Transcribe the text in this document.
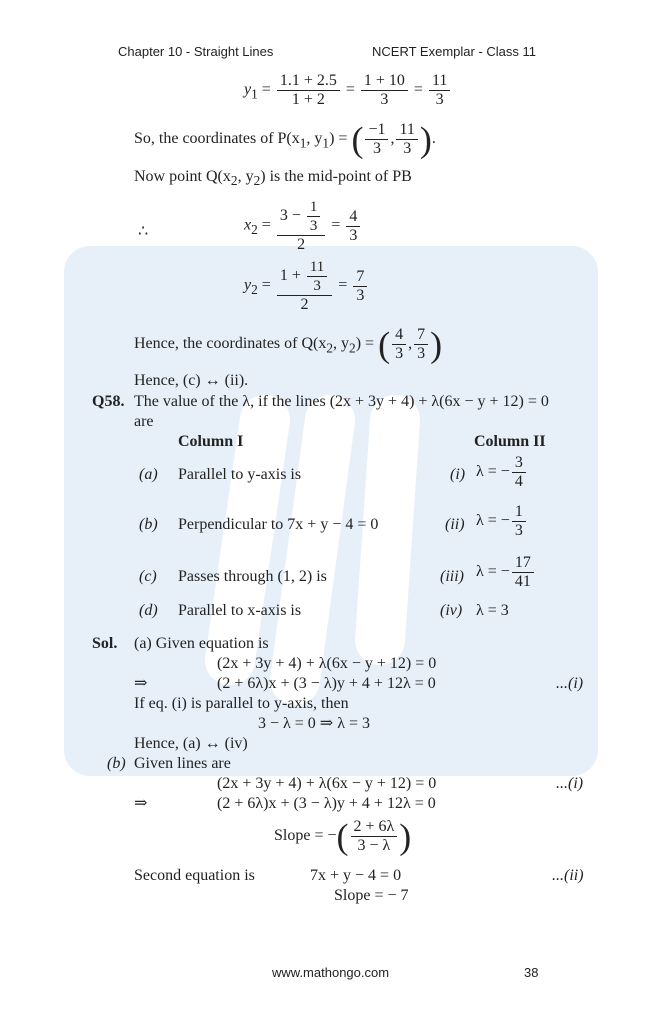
Chapter 10 - Straight Lines	NCERT Exemplar - Class 11
$y_1 = \frac{1.1 + 2.5}{1 + 2} = \frac{1 + 10}{3} = \frac{11}{3}$
So, the coordinates of $P(x_1$, $y_1$) = ( $\frac{-1}{3}$ , $\frac{11}{3}$ ).
Now point $Q(x_2$, $y_2$) is the mid-point of PB
∴	$x_2 = \frac{3 - \frac{1}{3}}{2} = \frac{4}{3}$
$y_2 = \frac{1 + \frac{11}{3}}{2} = \frac{7}{3}$
Hence, the coordinates of $Q(x_2$, $y_2$) = ( $\frac{4}{3}$ , $\frac{7}{3}$ )
Hence, (c) ↔ (ii).
Q58. The value of the λ, if the lines (2x + 3y + 4) + λ(6x − y + 12) = 0
are
Column I	Column II
(a) Parallel to y-axis is	(i) λ = − $\frac{3}{4}$
(b) Perpendicular to 7x + y − 4 = 0	(ii) λ = − $\frac{1}{3}$
(c) Passes through (1, 2) is	(iii) λ = − $\frac{17}{41}$
(d) Parallel to x-axis is	(iv) λ = 3
Sol. (a) Given equation is
(2x + 3y + 4) + λ(6x − y + 12) = 0
⇒	(2 + 6λ)x + (3 − λ)y + 4 + 12λ = 0	...(i)
If eq. (i) is parallel to y-axis, then
3 − λ = 0 ⇒ λ = 3
Hence, (a) ↔ (iv)
(b) Given lines are
(2x + 3y + 4) + λ(6x − y + 12) = 0	...(i)
⇒	(2 + 6λ)x + (3 − λ)y + 4 + 12λ = 0
Slope = −( $\frac{2 + 6\lambda}{3 - \lambda}$ )
Second equation is	7x + y − 4 = 0	...(ii)
Slope = − 7
www.mathongo.com	38
